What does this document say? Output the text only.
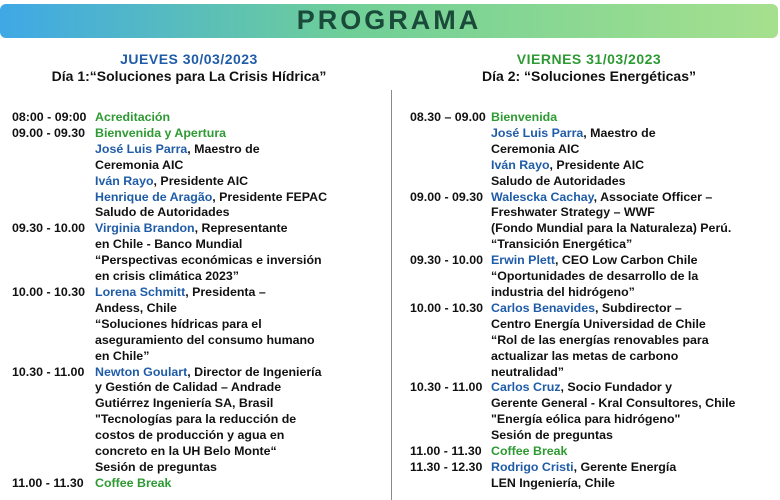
PROGRAMA
JUEVES 30/03/2023
Día 1:“Soluciones para La Crisis Hídrica”
VIERNES 31/03/2023
Día 2: “Soluciones Energéticas”
08:00 - 09:00 Acreditación
09.00 - 09.30 Bienvenida y Apertura
José Luis Parra, Maestro de
Ceremonia AIC
Iván Rayo, Presidente AIC
Henrique de Aragão, Presidente FEPAC
Saludo de Autoridades
09.30 - 10.00 Virginia Brandon, Representante
en Chile - Banco Mundial
“Perspectivas económicas e inversión
en crisis climática 2023”
10.00 - 10.30 Lorena Schmitt, Presidenta –
Andess, Chile
“Soluciones hídricas para el
aseguramiento del consumo humano
en Chile”
10.30 - 11.00 Newton Goulart, Director de Ingeniería
y Gestión de Calidad – Andrade
Gutiérrez Ingeniería SA, Brasil
"Tecnologías para la reducción de
costos de producción y agua en
concreto en la UH Belo Monte“
Sesión de preguntas
11.00 - 11.30 Coffee Break
08.30 – 09.00 Bienvenida
José Luis Parra, Maestro de
Ceremonia AIC
Iván Rayo, Presidente AIC
Saludo de Autoridades
09.00 - 09.30 Walescka Cachay, Associate Officer –
Freshwater Strategy – WWF
(Fondo Mundial para la Naturaleza) Perú.
“Transición Energética”
09.30 - 10.00 Erwin Plett, CEO Low Carbon Chile
“Oportunidades de desarrollo de la
industria del hidrógeno”
10.00 - 10.30 Carlos Benavides, Subdirector –
Centro Energía Universidad de Chile
“Rol de las energías renovables para
actualizar las metas de carbono
neutralidad”
10.30 - 11.00 Carlos Cruz, Socio Fundador y
Gerente General - Kral Consultores, Chile
"Energía eólica para hidrógeno"
Sesión de preguntas
11.00 - 11.30 Coffee Break
11.30 - 12.30 Rodrigo Cristi, Gerente Energía
LEN Ingeniería, Chile
